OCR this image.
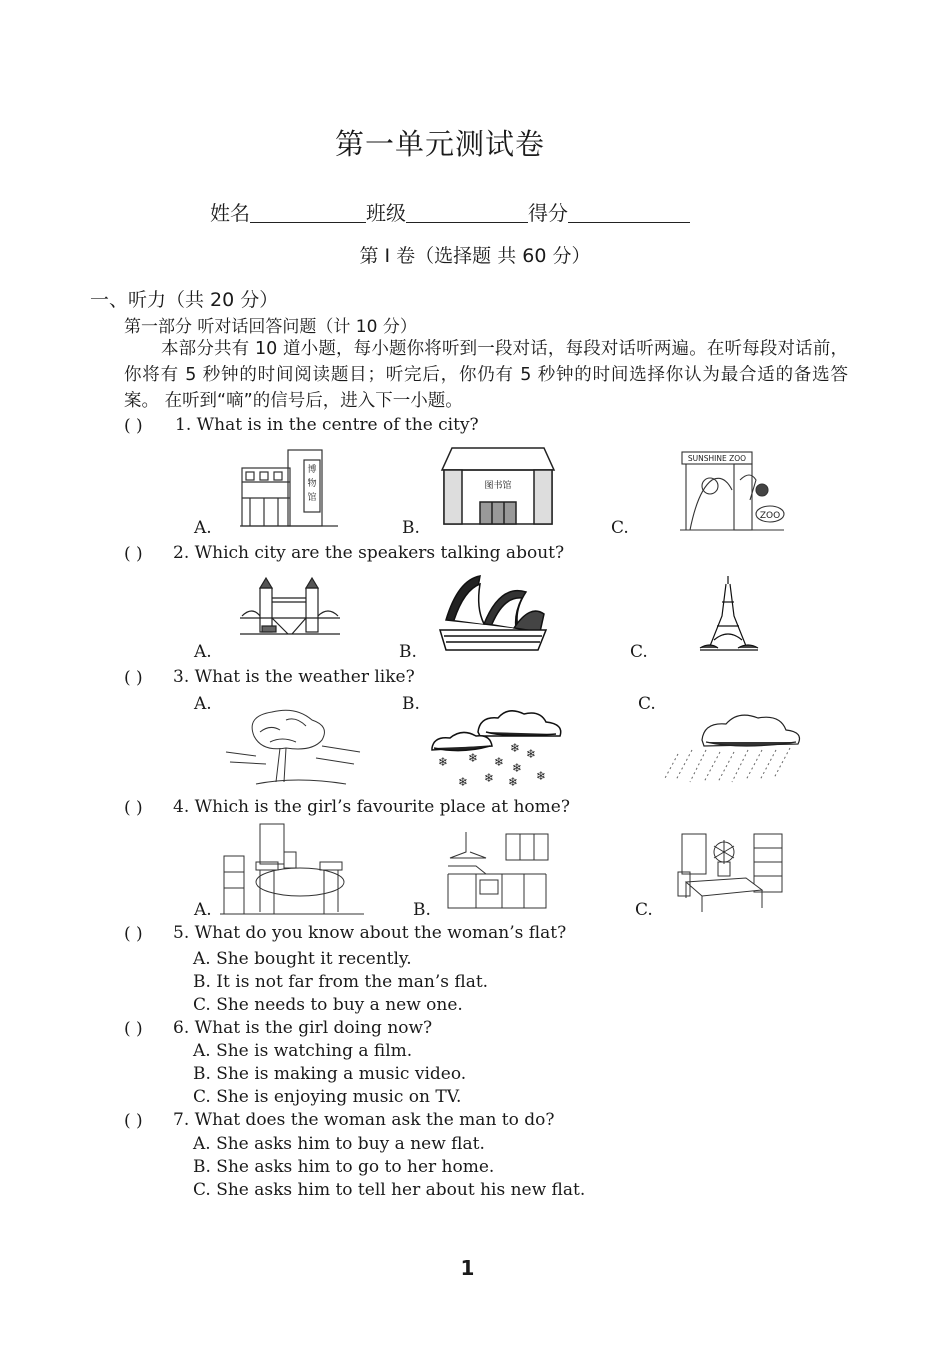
第一单元测试卷
姓名	班级	得分
第 I 卷（选择题 共 60 分）
一、听力（共 20 分）
第一部分 听对话回答问题（计 10 分）
本部分共有 10 道小题，每小题你将听到一段对话，每段对话听两遍。在听每段对话前， 你将有 5 秒钟的时间阅读题目；听完后，你仍有 5 秒钟的时间选择你认为最合适的备选答案。 在听到“嘀”的信号后，进入下一小题。
( ) 1. What is in the centre of the city?
A.	B.	C.
博
物
馆
图书馆
SUNSHINE ZOO
ZOO
( ) 2. Which city are the speakers talking about?
A.	B.	C.
( ) 3. What is the weather like?
A.	B.	C.
❄ ❄ ❄
❄ ❄
❄
❄
❄	❄
❄
( ) 4. Which is the girl’s favourite place at home?
A.	B.	C.
( ) 5. What do you know about the woman’s flat?
A. She bought it recently.
B. It is not far from the man’s flat.
C. She needs to buy a new one.
( ) 6. What is the girl doing now?
A. She is watching a film.
B. She is making a music video.
C. She is enjoying music on TV.
( ) 7. What does the woman ask the man to do?
A. She asks him to buy a new flat.
B. She asks him to go to her home.
C. She asks him to tell her about his new flat.
1
